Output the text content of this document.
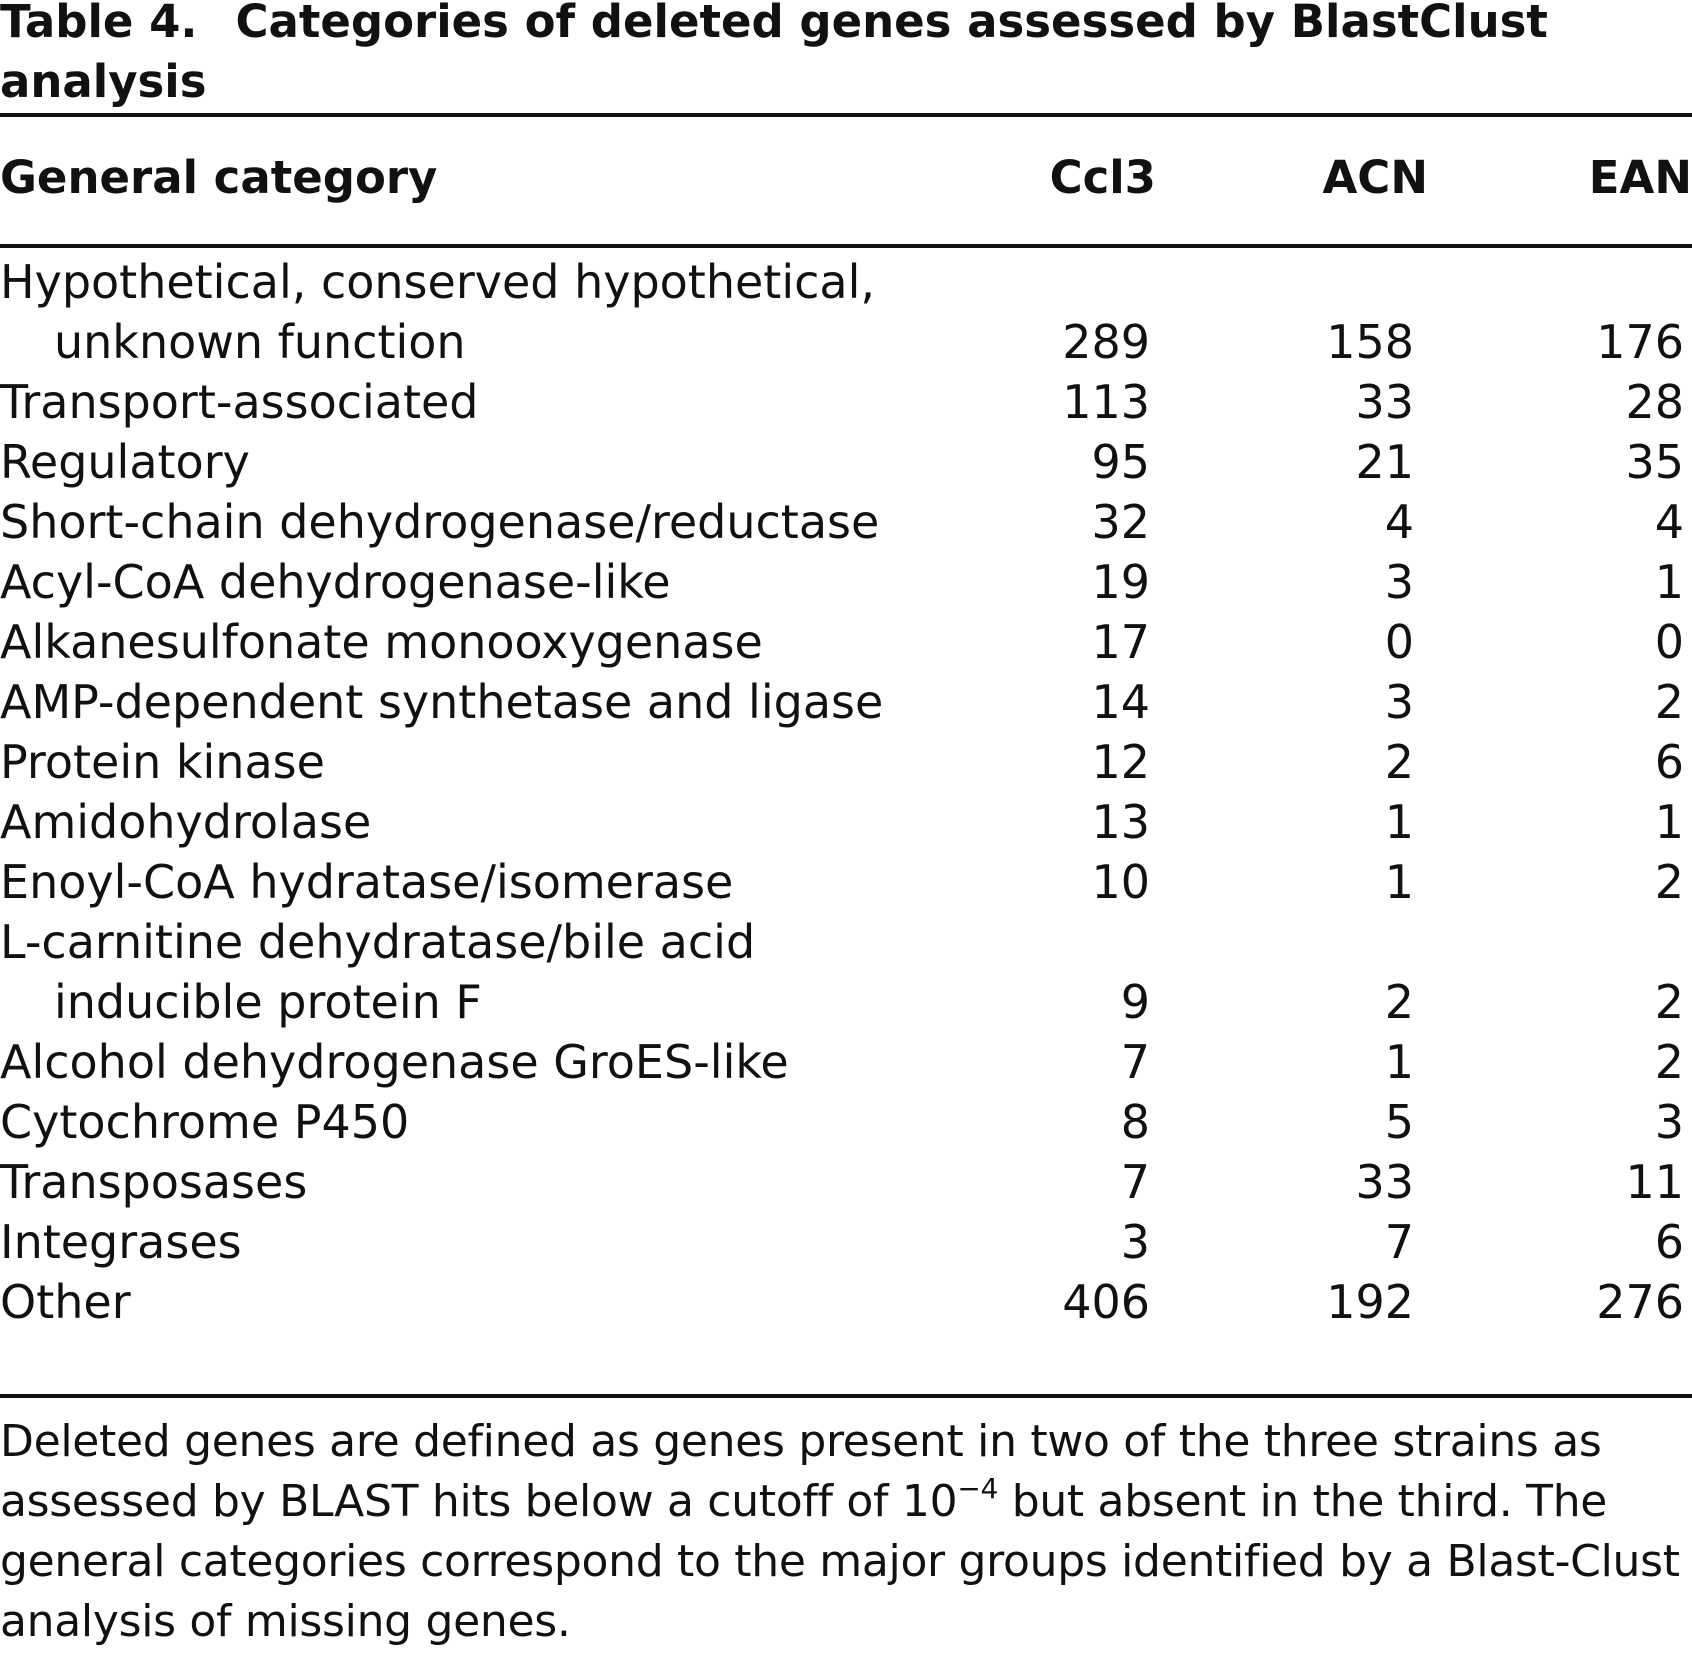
Table 4. Categories of deleted genes assessed by BlastClust analysis
General category	Ccl3	ACN	EAN

Hypothetical, conserved hypothetical,
unknown function	289	158	176
Transport-associated	113	33	28
Regulatory	95	21	35
Short-chain dehydrogenase/reductase	32	4	4
Acyl-CoA dehydrogenase-like	19	3	1
Alkanesulfonate monooxygenase	17	0	0
AMP-dependent synthetase and ligase	14	3	2
Protein kinase	12	2	6
Amidohydrolase	13	1	1
Enoyl-CoA hydratase/isomerase	10	1	2

L-carnitine dehydratase/bile acid
inducible protein F	9	2	2
Alcohol dehydrogenase GroES-like	7	1	2
Cytochrome P450	8	5	3
Transposases	7	33	11
Integrases	3	7	6
Other	406	192	276

Deleted genes are defined as genes present in two of the three strains as assessed by BLAST hits below a cutoff of $10^{-4}$ but absent in the third. The general categories correspond to the major groups identified by a Blast-Clust analysis of missing genes.
